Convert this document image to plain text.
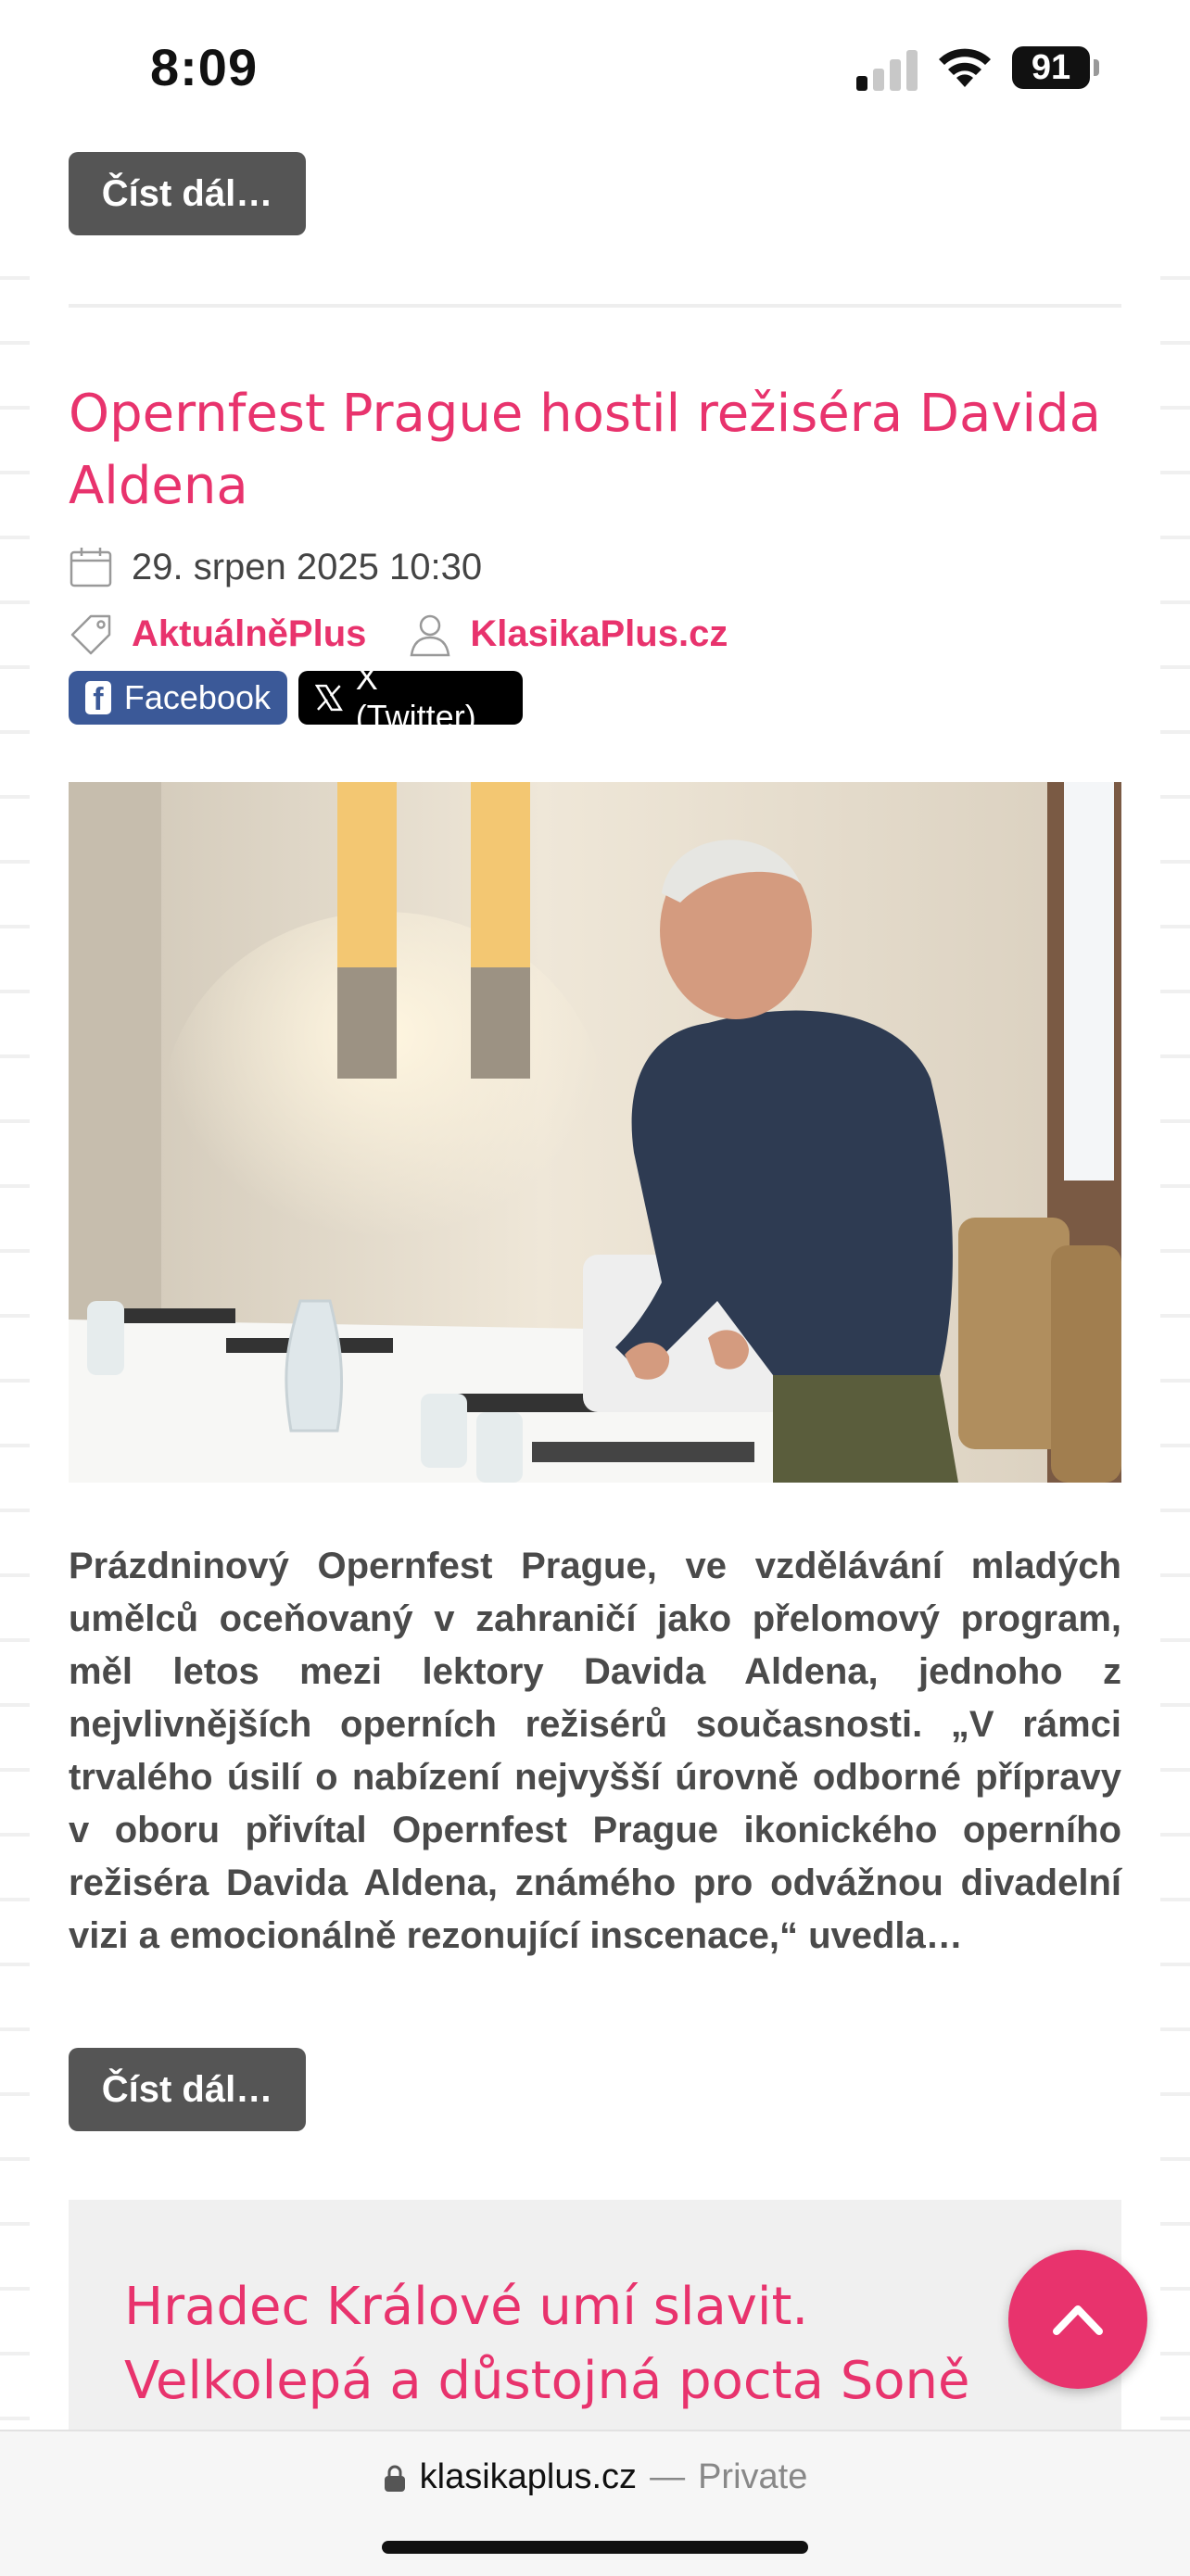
8:09	91
Číst dál…
Opernfest Prague hostil režiséra Davida Aldena
29. srpen 2025 10:30
AktuálněPlus	KlasikaPlus.cz
f Facebook
X (Twitter)

Prázdninový Opernfest Prague, ve vzdělávání mladých umělců oceňovaný v zahraničí jako přelomový program, měl letos mezi lektory Davida Aldena, jednoho z nejvlivnějších operních režisérů současnosti. „V rámci trvalého úsilí o nabízení nejvyšší úrovně odborné přípravy v oboru přivítal Opernfest Prague ikonického operního režiséra Davida Aldena, známého pro odvážnou divadelní vizi a emocionálně rezonující inscenace,“ uvedla…

Číst dál…
Hradec Králové umí slavit. Velkolepá a důstojná pocta Soně
klasikaplus.cz — Private
